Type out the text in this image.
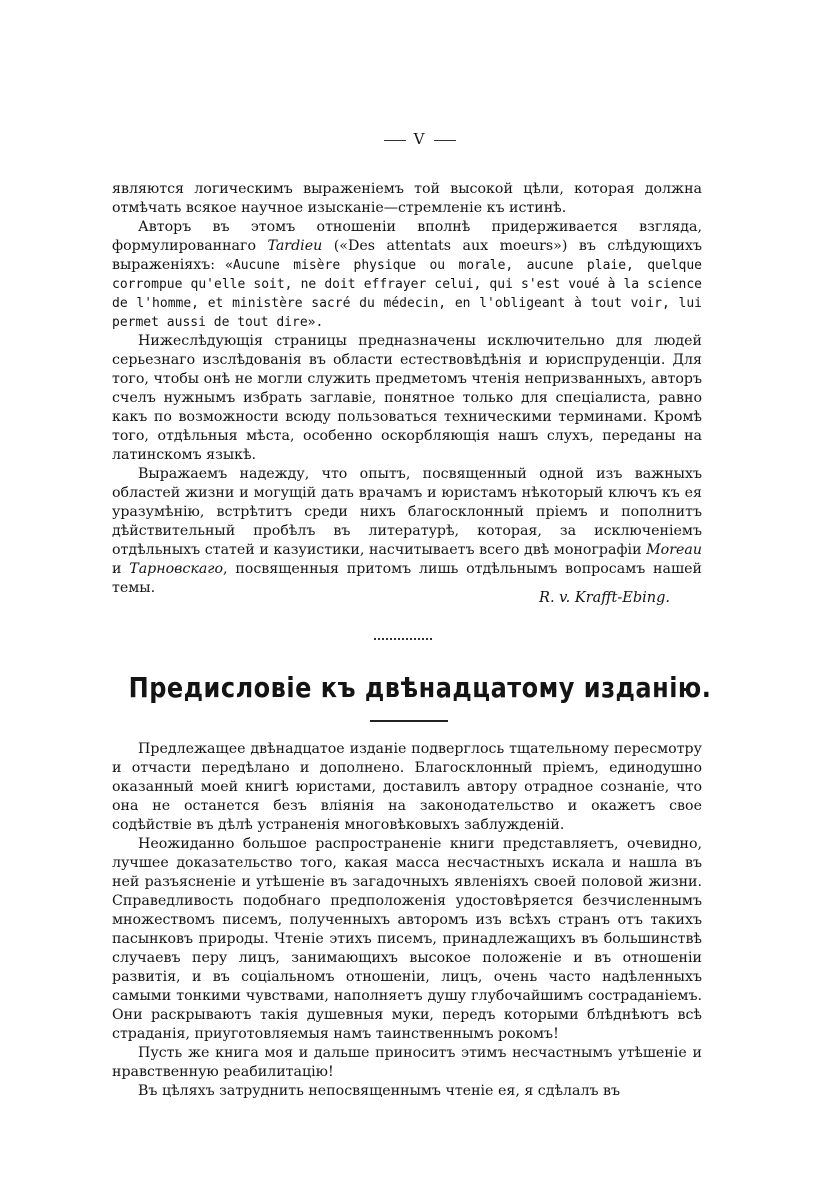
V

являются логическимъ выраженіемъ той высокой цѣли, которая должна отмѣчать всякое научное изысканіе—стремленіе къ истинѣ.

Авторъ въ этомъ отношеніи вполнѣ придерживается взгляда, формулированнаго Tardieu («Des attentats aux moeurs») въ слѣдующихъ выраженіяхъ: «Aucune misère physique ou morale, aucune plaie, quelque corrompue qu'elle soit, ne doit effrayer celui, qui s'est voué à la science de l'homme, et ministère sacré du médecin, en l'obligeant à tout voir, lui permet aussi de tout dire».

Нижеслѣдующія страницы предназначены исключительно для людей серьезнаго изслѣдованія въ области естествовѣдѣнія и юриспруденціи. Для того, чтобы онѣ не могли служить предметомъ чтенія непризванныхъ, авторъ счелъ нужнымъ избрать заглавіе, понятное только для спеціалиста, равно какъ по возможности всюду пользоваться техническими терминами. Кромѣ того, отдѣльныя мѣста, особенно оскорбляющія нашъ слухъ, переданы на латинскомъ языкѣ.

Выражаемъ надежду, что опытъ, посвященный одной изъ важныхъ областей жизни и могущій дать врачамъ и юристамъ нѣкоторый ключъ къ ея уразумѣнію, встрѣтитъ среди нихъ благосклонный пріемъ и пополнитъ дѣйствительный пробѣлъ въ литературѣ, которая, за исключеніемъ отдѣльныхъ статей и казуистики, насчитываетъ всего двѣ монографіи Moreau и Тарновскаго, посвященныя притомъ лишь отдѣльнымъ вопросамъ нашей темы.

R. v. Krafft-Ebing.
Предисловіе къ двѣнадцатому изданію.

Предлежащее двѣнадцатое изданіе подверглось тщательному пересмотру и отчасти передѣлано и дополнено. Благосклонный пріемъ, единодушно оказанный моей книгѣ юристами, доставилъ автору отрадное сознаніе, что она не останется безъ вліянія на законодательство и окажетъ свое содѣйствіе въ дѣлѣ устраненія многовѣковыхъ заблужденій.

Неожиданно большое распространеніе книги представляетъ, очевидно, лучшее доказательство того, какая масса несчастныхъ искала и нашла въ ней разъясненіе и утѣшеніе въ загадочныхъ явленіяхъ своей половой жизни. Справедливость подобнаго предположенія удостовѣряется безчисленнымъ множествомъ писемъ, полученныхъ авторомъ изъ всѣхъ странъ отъ такихъ пасынковъ природы. Чтеніе этихъ писемъ, принадлежащихъ въ большинствѣ случаевъ перу лицъ, занимающихъ высокое положеніе и въ отношеніи развитія, и въ соціальномъ отношеніи, лицъ, очень часто надѣленныхъ самыми тонкими чувствами, наполняетъ душу глубочайшимъ состраданіемъ. Они раскрываютъ такія душевныя муки, передъ которыми блѣднѣютъ всѣ страданія, приуготовляемыя намъ таинственнымъ рокомъ!

Пусть же книга моя и дальше приноситъ этимъ несчастнымъ утѣшеніе и нравственную реабилитацію!

Въ цѣляхъ затруднить непосвященнымъ чтеніе ея, я сдѣлалъ въ
